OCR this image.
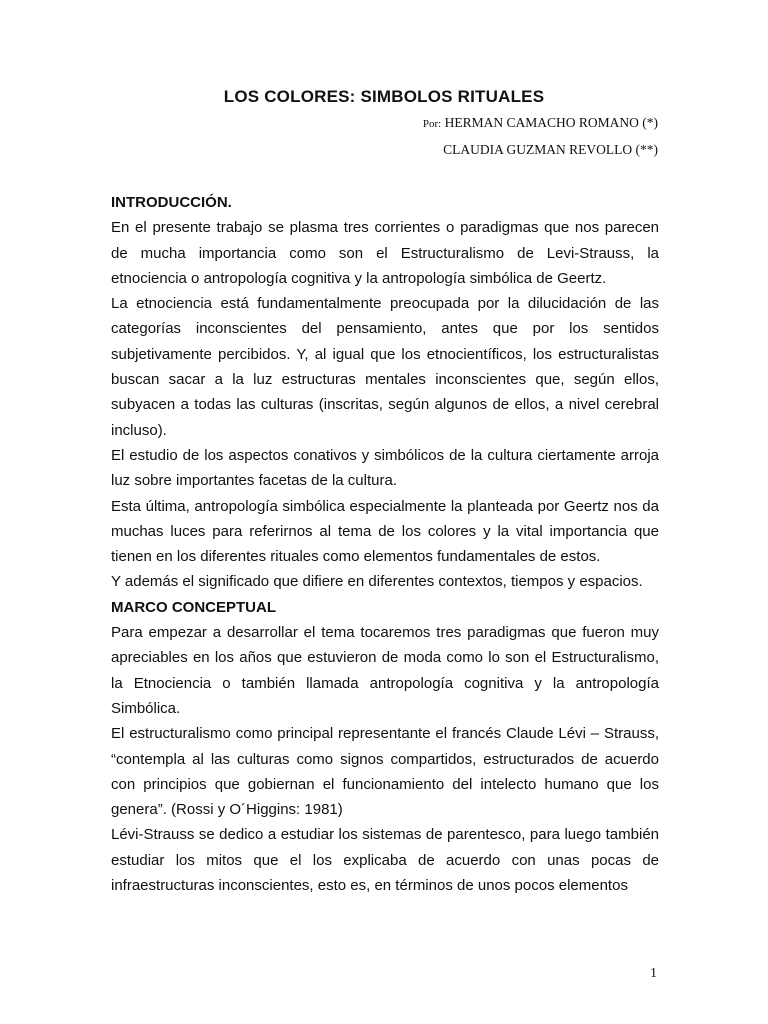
LOS COLORES: SIMBOLOS RITUALES
Por: HERMAN CAMACHO ROMANO (*)
CLAUDIA GUZMAN REVOLLO (**)

INTRODUCCIÓN.

En el presente trabajo se plasma tres corrientes o paradigmas que nos parecen de mucha importancia como son el Estructuralismo de Levi-Strauss, la etnociencia o antropología cognitiva y la antropología simbólica de Geertz.

La etnociencia está fundamentalmente preocupada por la dilucidación de las categorías inconscientes del pensamiento, antes que por los sentidos subjetivamente percibidos. Y, al igual que los etnocientíficos, los estructuralistas buscan sacar a la luz estructuras mentales inconscientes que, según ellos, subyacen a todas las culturas (inscritas, según algunos de ellos, a nivel cerebral incluso).

El estudio de los aspectos conativos y simbólicos de la cultura ciertamente arroja luz sobre importantes facetas de la cultura.

Esta última, antropología simbólica especialmente la planteada por Geertz nos da muchas luces para referirnos al tema de los colores y la vital importancia que tienen en los diferentes rituales como elementos fundamentales de estos.

Y además el significado que difiere en diferentes contextos, tiempos y espacios.

MARCO CONCEPTUAL

Para empezar a desarrollar el tema tocaremos tres paradigmas que fueron muy apreciables en los años que estuvieron de moda como lo son el Estructuralismo, la Etnociencia o también llamada antropología cognitiva y la antropología Simbólica.

El estructuralismo como principal representante el francés Claude Lévi – Strauss, “contempla al las culturas como signos compartidos, estructurados de acuerdo con principios que gobiernan el funcionamiento del intelecto humano que los genera”. (Rossi y O´Higgins: 1981)

Lévi-Strauss se dedico a estudiar los sistemas de parentesco, para luego también estudiar los mitos que el los explicaba de acuerdo con unas pocas de infraestructuras inconscientes, esto es, en términos de unos pocos elementos

1
